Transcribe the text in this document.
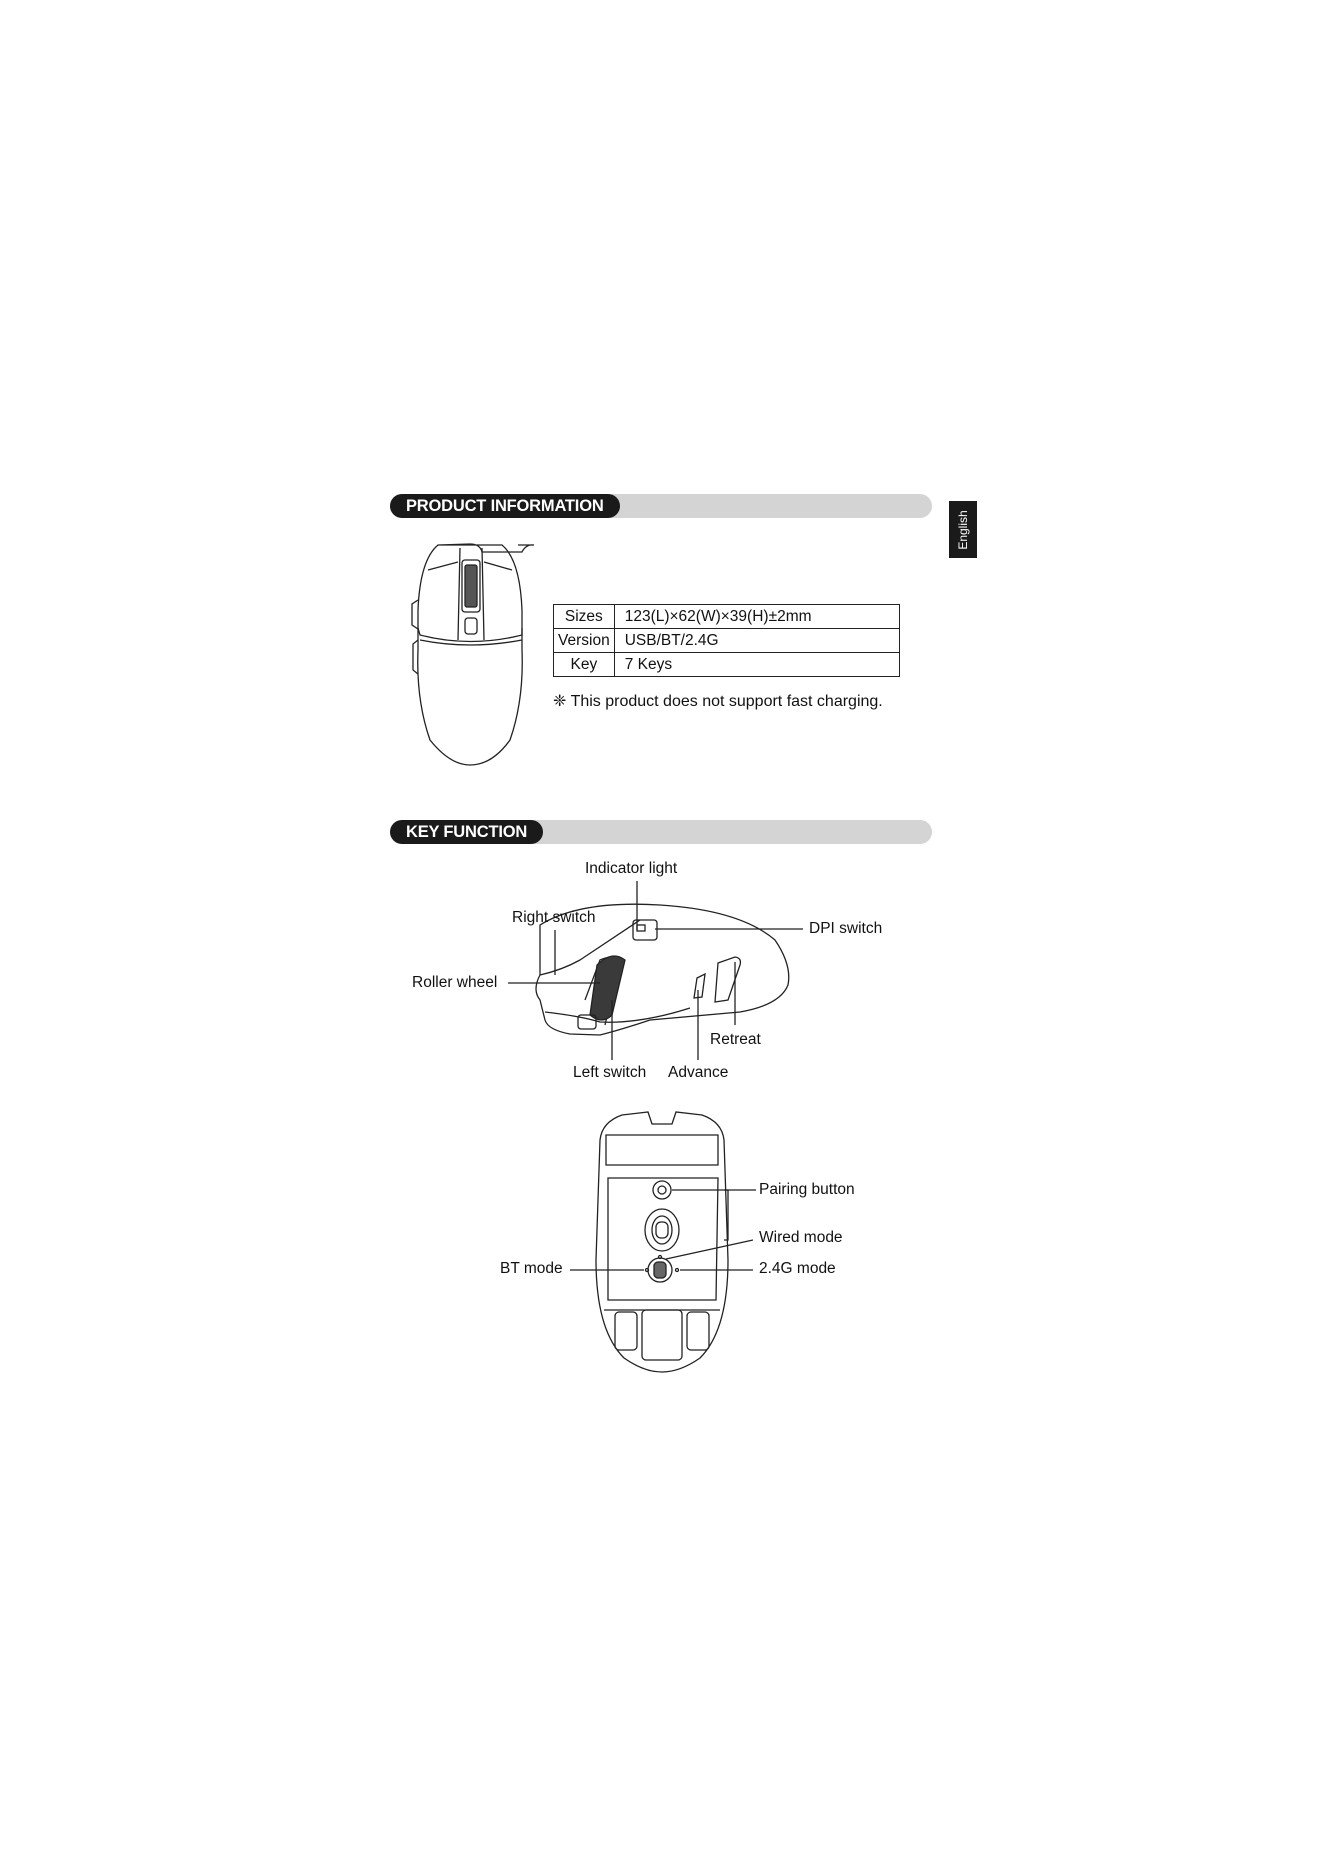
PRODUCT INFORMATION
KEY FUNCTION
English
Sizes	123(L)×62(W)×39(H)±2mm
Version	USB/BT/2.4G
Key	7 Keys
❈ This product does not support fast charging.
Indicator light
Right switch
DPI switch
Roller wheel
Retreat
Left switch Advance
Pairing button
Wired mode
BT mode	2.4G mode
